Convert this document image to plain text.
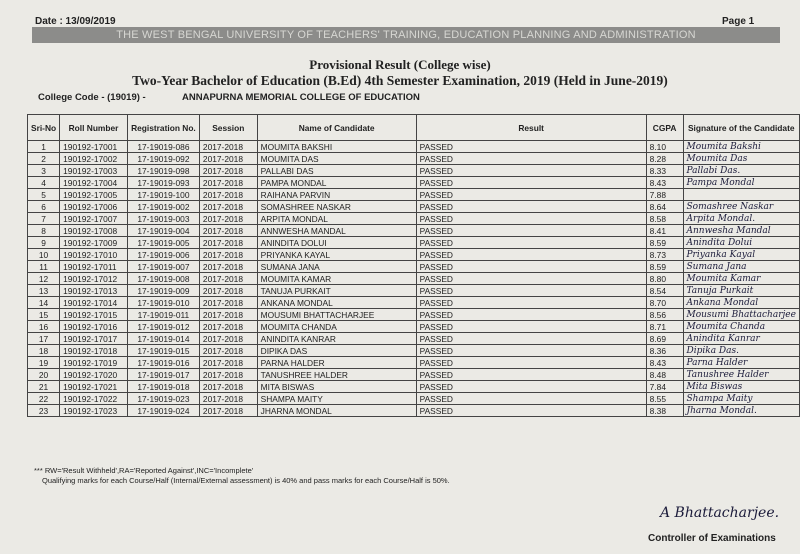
Date : 13/09/2019	Page 1
THE WEST BENGAL UNIVERSITY OF TEACHERS' TRAINING, EDUCATION PLANNING AND ADMINISTRATION
Provisional Result (College wise)
Two-Year Bachelor of Education (B.Ed) 4th Semester Examination, 2019 (Held in June-2019)
College Code - (19019) -	ANNAPURNA MEMORIAL COLLEGE OF EDUCATION
Sri-No	Roll Number	Registration No.	Session	Name of Candidate	Result	CGPA	Signature of the Candidate
1	190192-17001	17-19019-086	2017-2018	MOUMITA BAKSHI	PASSED	8.10	Moumita Bakshi
2	190192-17002	17-19019-092	2017-2018	MOUMITA DAS	PASSED	8.28	Moumita Das
3	190192-17003	17-19019-098	2017-2018	PALLABI DAS	PASSED	8.33	Pallabi Das.
4	190192-17004	17-19019-093	2017-2018	PAMPA MONDAL	PASSED	8.43	Pampa Mondal
5	190192-17005	17-19019-100	2017-2018	RAIHANA PARVIN	PASSED	7.88	
6	190192-17006	17-19019-002	2017-2018	SOMASHREE NASKAR	PASSED	8.64	Somashree Naskar
7	190192-17007	17-19019-003	2017-2018	ARPITA MONDAL	PASSED	8.58	Arpita Mondal.
8	190192-17008	17-19019-004	2017-2018	ANNWESHA MANDAL	PASSED	8.41	Annwesha Mandal
9	190192-17009	17-19019-005	2017-2018	ANINDITA DOLUI	PASSED	8.59	Anindita Dolui
10	190192-17010	17-19019-006	2017-2018	PRIYANKA KAYAL	PASSED	8.73	Priyanka Kayal
11	190192-17011	17-19019-007	2017-2018	SUMANA JANA	PASSED	8.59	Sumana Jana
12	190192-17012	17-19019-008	2017-2018	MOUMITA KAMAR	PASSED	8.80	Moumita Kamar
13	190192-17013	17-19019-009	2017-2018	TANUJA PURKAIT	PASSED	8.54	Tanuja Purkait
14	190192-17014	17-19019-010	2017-2018	ANKANA MONDAL	PASSED	8.70	Ankana Mondal
15	190192-17015	17-19019-011	2017-2018	MOUSUMI BHATTACHARJEE	PASSED	8.56	Mousumi Bhattacharjee
16	190192-17016	17-19019-012	2017-2018	MOUMITA CHANDA	PASSED	8.71	Moumita Chanda
17	190192-17017	17-19019-014	2017-2018	ANINDITA KANRAR	PASSED	8.69	Anindita Kanrar
18	190192-17018	17-19019-015	2017-2018	DIPIKA DAS	PASSED	8.36	Dipika Das.
19	190192-17019	17-19019-016	2017-2018	PARNA HALDER	PASSED	8.43	Parna Halder
20	190192-17020	17-19019-017	2017-2018	TANUSHREE HALDER	PASSED	8.48	Tanushree Halder
21	190192-17021	17-19019-018	2017-2018	MITA BISWAS	PASSED	7.84	Mita Biswas
22	190192-17022	17-19019-023	2017-2018	SHAMPA MAITY	PASSED	8.55	Shampa Maity
23	190192-17023	17-19019-024	2017-2018	JHARNA MONDAL	PASSED	8.38	Jharna Mondal.
*** RW='Result Withheld',RA='Reported Against',INC='Incomplete'
Qualifying marks for each Course/Half (Internal/External assessment) is 40% and pass marks for each Course/Half is 50%.
A Bhattacharjee.
Controller of Examinations
